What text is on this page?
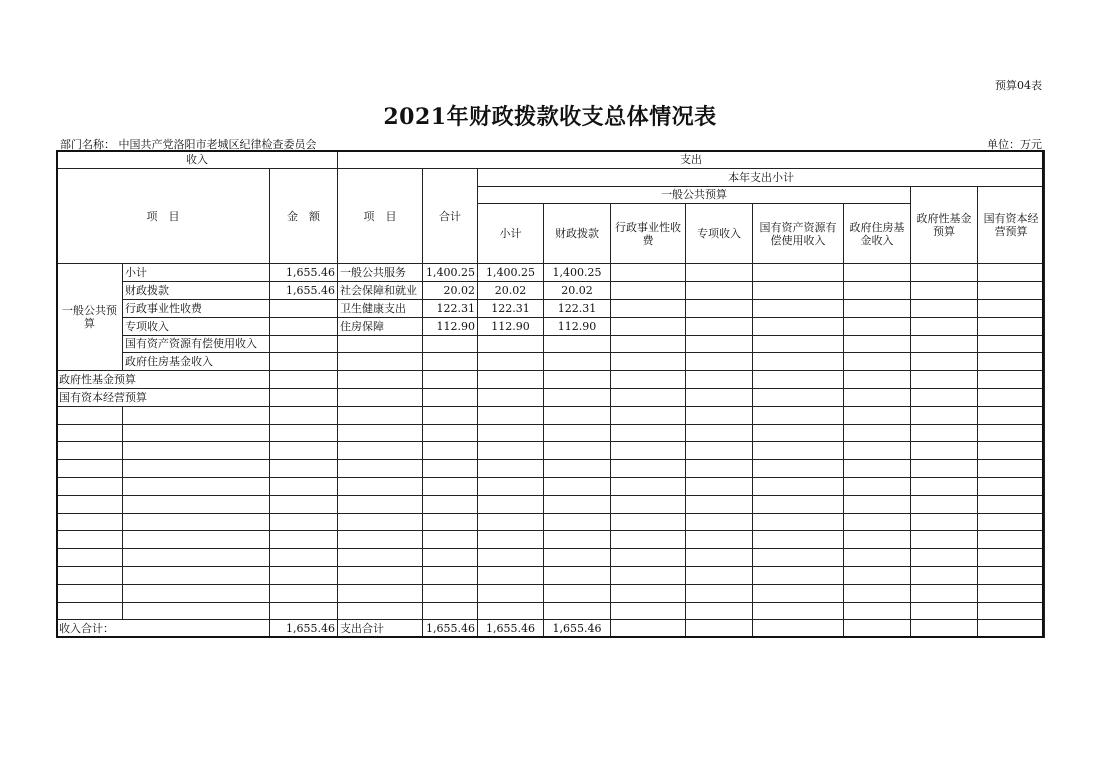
预算04表
2021年财政拨款收支总体情况表
部门名称： 中国共产党洛阳市老城区纪律检查委员会	单位：万元
收入			支出									
项　目		金　额	项　目	合计	本年支出小计							
					一般公共预算						政府性基金预算	国有资本经营预算
					小计	财政拨款	行政事业性收费	专项收入	国有资产资源有偿使用收入	政府住房基金收入		
一般公共预算	小计	1,655.46	一般公共服务	1,400.25	1,400.25	1,400.25						
	财政拨款	1,655.46	社会保障和就业	20.02	20.02	20.02						
	行政事业性收费		卫生健康支出	122.31	122.31	122.31						
	专项收入		住房保障	112.90	112.90	112.90						
	国有资产资源有偿使用收入											
	政府住房基金收入											
政府性基金预算												
国有资本经营预算												

收入合计：		1,655.46	支出合计	1,655.46	1,655.46	1,655.46						
